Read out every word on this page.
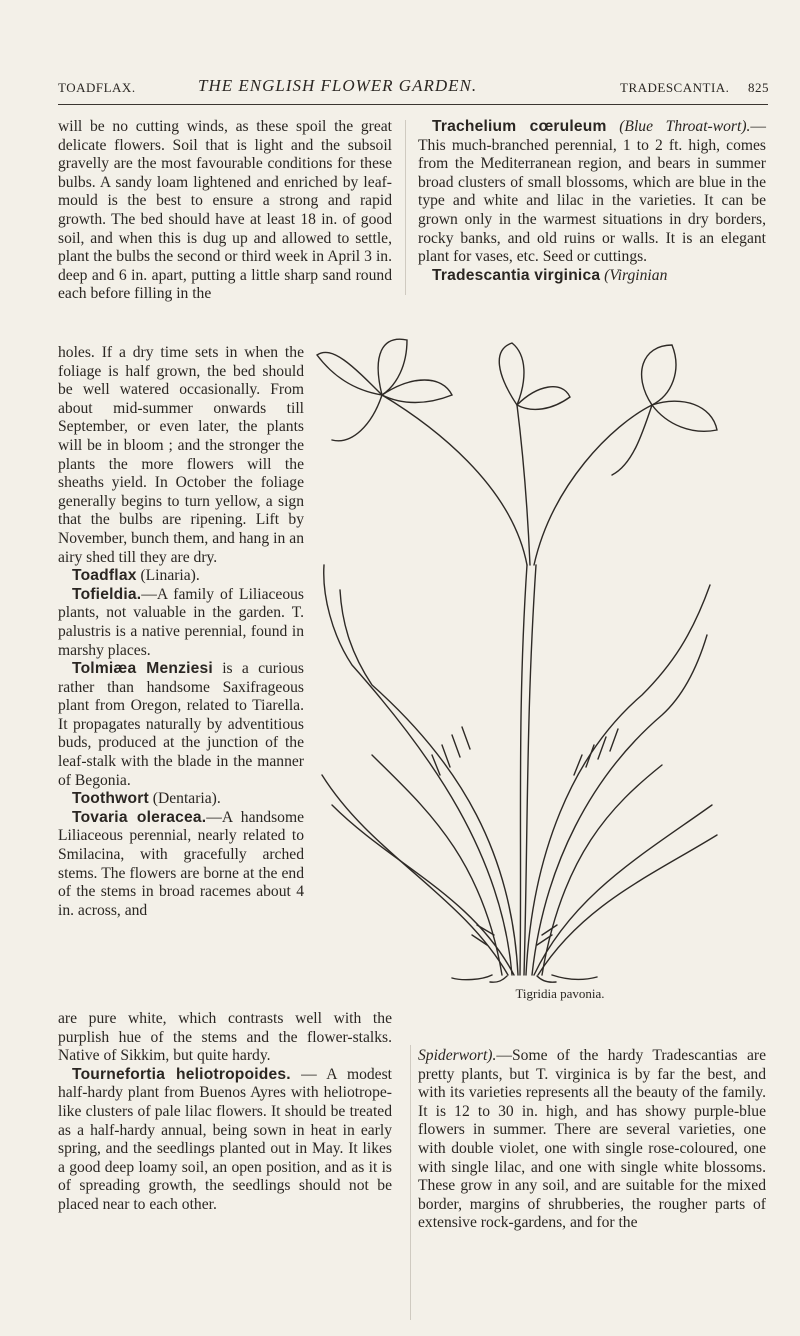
TOADFLAX.	THE ENGLISH FLOWER GARDEN.	TRADESCANTIA. 825

will be no cutting winds, as these spoil the great delicate flowers. Soil that is light and the subsoil gravelly are the most favourable conditions for these bulbs. A sandy loam lightened and enriched by leaf-mould is the best to ensure a strong and rapid growth. The bed should have at least 18 in. of good soil, and when this is dug up and allowed to settle, plant the bulbs the second or third week in April 3 in. deep and 6 in. apart, putting a little sharp sand round each before filling in the

holes. If a dry time sets in when the foliage is half grown, the bed should be well watered occasionally. From about mid-summer onwards till September, or even later, the plants will be in bloom ; and the stronger the plants the more flowers will the sheaths yield. In October the foliage generally begins to turn yellow, a sign that the bulbs are ripening. Lift by November, bunch them, and hang in an airy shed till they are dry.

Toadflax (Linaria).

Tofieldia.—A family of Liliaceous plants, not valuable in the garden. T. palustris is a native perennial, found in marshy places.

Tolmiæa Menziesi is a curious rather than handsome Saxifrageous plant from Oregon, related to Tiarella. It propagates naturally by adventitious buds, produced at the junction of the leaf-stalk with the blade in the manner of Begonia.

Toothwort (Dentaria).

Tovaria oleracea.—A handsome Liliaceous perennial, nearly related to Smilacina, with gracefully arched stems. The flowers are borne at the end of the stems in broad racemes about 4 in. across, and

are pure white, which contrasts well with the purplish hue of the stems and the flower-stalks. Native of Sikkim, but quite hardy.

Tournefortia heliotropoides. — A modest half-hardy plant from Buenos Ayres with heliotrope-like clusters of pale lilac flowers. It should be treated as a half-hardy annual, being sown in heat in early spring, and the seedlings planted out in May. It likes a good deep loamy soil, an open position, and as it is of spreading growth, the seedlings should not be placed near to each other.

Trachelium cœruleum (Blue Throat-wort).—This much-branched perennial, 1 to 2 ft. high, comes from the Mediterranean region, and bears in summer broad clusters of small blossoms, which are blue in the type and white and lilac in the varieties. It can be grown only in the warmest situations in dry borders, rocky banks, and old ruins or walls. It is an elegant plant for vases, etc. Seed or cuttings.

Tradescantia virginica (Virginian

Tigridia pavonia.

Spiderwort).—Some of the hardy Tradescantias are pretty plants, but T. virginica is by far the best, and with its varieties represents all the beauty of the family. It is 12 to 30 in. high, and has showy purple-blue flowers in summer. There are several varieties, one with double violet, one with single rose-coloured, one with single lilac, and one with single white blossoms. These grow in any soil, and are suitable for the mixed border, margins of shrubberies, the rougher parts of extensive rock-gardens, and for the
